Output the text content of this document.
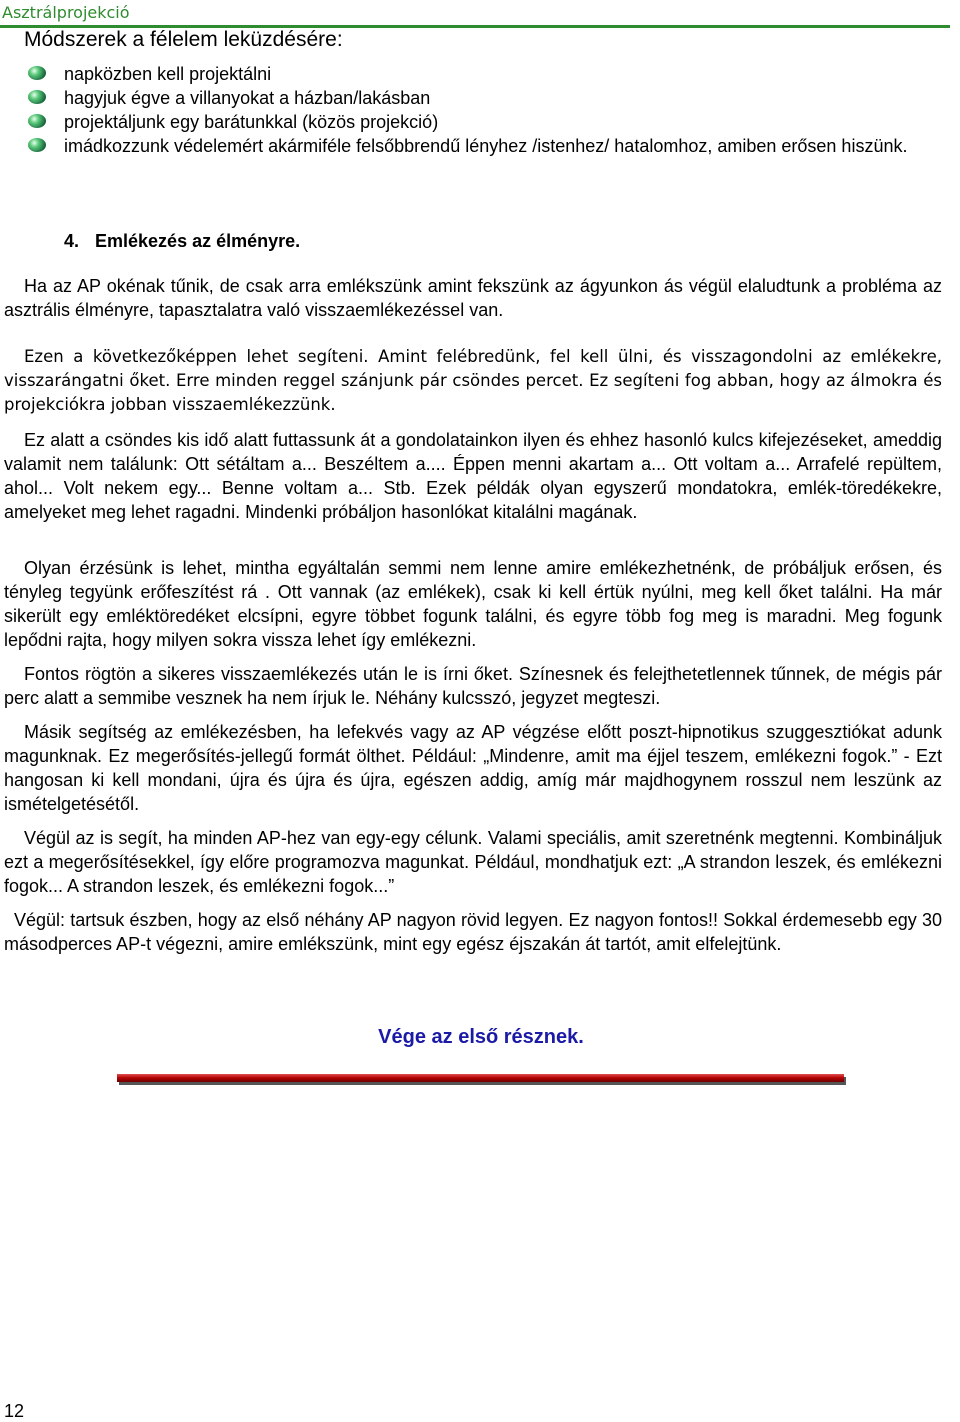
Asztrálprojekció
Módszerek a félelem leküzdésére:
napközben kell projektálni
hagyjuk égve a villanyokat a házban/lakásban
projektáljunk egy barátunkkal (közös projekció)
imádkozzunk védelemért akármiféle felsőbbrendű lényhez /istenhez/ hatalomhoz, amiben erősen hiszünk.
4. Emlékezés az élményre.

Ha az AP okénak tűnik, de csak arra emlékszünk amint fekszünk az ágyunkon ás végül elaludtunk a probléma az asztrális élményre, tapasztalatra való visszaemlékezéssel van.

Ezen a következőképpen lehet segíteni. Amint felébredünk, fel kell ülni, és visszagondolni az emlékekre, visszarángatni őket. Erre minden reggel szánjunk pár csöndes percet. Ez segíteni fog abban, hogy az álmokra és projekciókra jobban visszaemlékezzünk.

Ez alatt a csöndes kis idő alatt futtassunk át a gondolatainkon ilyen és ehhez hasonló kulcs kifejezéseket, ameddig valamit nem találunk: Ott sétáltam a... Beszéltem a.... Éppen menni akartam a... Ott voltam a... Arrafelé repültem, ahol... Volt nekem egy... Benne voltam a... Stb. Ezek példák olyan egyszerű mondatokra, emlék-töredékekre, amelyeket meg lehet ragadni. Mindenki próbáljon hasonlókat kitalálni magának.

Olyan érzésünk is lehet, mintha egyáltalán semmi nem lenne amire emlékezhetnénk, de próbáljuk erősen, és tényleg tegyünk erőfeszítést rá . Ott vannak (az emlékek), csak ki kell értük nyúlni, meg kell őket találni. Ha már sikerült egy emléktöredéket elcsípni, egyre többet fogunk találni, és egyre több fog meg is maradni. Meg fogunk lepődni rajta, hogy milyen sokra vissza lehet így emlékezni.

Fontos rögtön a sikeres visszaemlékezés után le is írni őket. Színesnek és felejthetetlennek tűnnek, de mégis pár perc alatt a semmibe vesznek ha nem írjuk le. Néhány kulcsszó, jegyzet megteszi.

Másik segítség az emlékezésben, ha lefekvés vagy az AP végzése előtt poszt-hipnotikus szuggesztiókat adunk magunknak. Ez megerősítés-jellegű formát ölthet. Például: „Mindenre, amit ma éjjel teszem, emlékezni fogok.” - Ezt hangosan ki kell mondani, újra és újra és újra, egészen addig, amíg már majdhogynem rosszul nem leszünk az ismételgetésétől.

Végül az is segít, ha minden AP-hez van egy-egy célunk. Valami speciális, amit szeretnénk megtenni. Kombináljuk ezt a megerősítésekkel, így előre programozva magunkat. Például, mondhatjuk ezt: „A strandon leszek, és emlékezni fogok... A strandon leszek, és emlékezni fogok...”

Végül: tartsuk észben, hogy az első néhány AP nagyon rövid legyen. Ez nagyon fontos!! Sokkal érdemesebb egy 30 másodperces AP-t végezni, amire emlékszünk, mint egy egész éjszakán át tartót, amit elfelejtünk.

Vége az első résznek.
12
